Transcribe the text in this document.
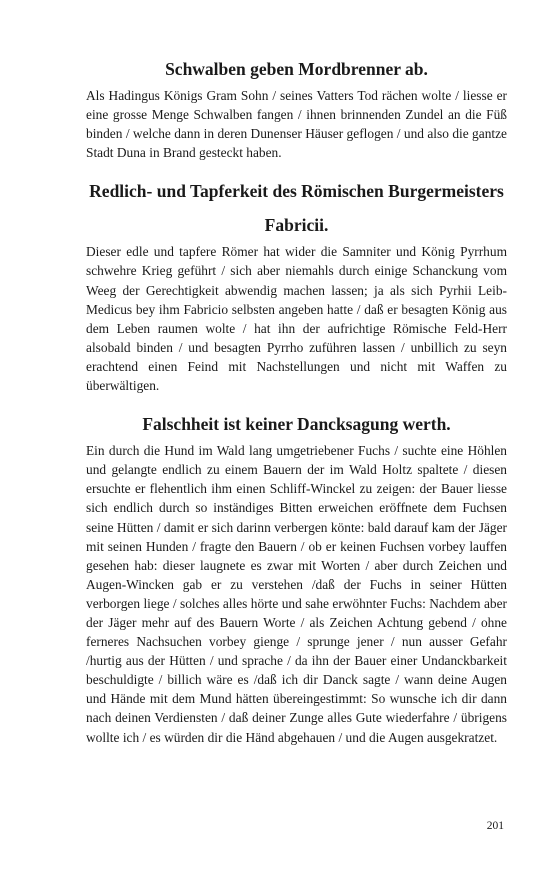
Schwalben geben Mordbrenner ab.

Als Hadingus Königs Gram Sohn / seines Vatters Tod rächen wolte / liesse er eine grosse Menge Schwalben fangen / ihnen brinnenden Zundel an die Füß binden / welche dann in deren Dunenser Häuser geflogen / und also die gantze Stadt Duna in Brand gesteckt haben.

Redlich- und Tapferkeit des Römischen Burgermeisters Fabricii.

Dieser edle und tapfere Römer hat wider die Samniter und König Pyrrhum schwehre Krieg geführt / sich aber niemahls durch einige Schanckung vom Weeg der Gerechtigkeit abwendig machen lassen; ja als sich Pyrhii Leib-Medicus bey ihm Fabricio selbsten angeben hatte / daß er besagten König aus dem Leben raumen wolte / hat ihn der aufrichtige Römische Feld-Herr alsobald binden / und besagten Pyrrho zuführen lassen / unbillich zu seyn erachtend einen Feind mit Nachstellungen und nicht mit Waffen zu überwältigen.

Falschheit ist keiner Dancksagung werth.

Ein durch die Hund im Wald lang umgetriebener Fuchs / suchte eine Höhlen und gelangte endlich zu einem Bauern der im Wald Holtz spaltete / diesen ersuchte er flehentlich ihm einen Schliff-Winckel zu zeigen: der Bauer liesse sich endlich durch so inständiges Bitten erweichen eröffnete dem Fuchsen seine Hütten / damit er sich darinn verbergen könte: bald darauf kam der Jäger mit seinen Hunden / fragte den Bauern / ob er keinen Fuchsen vorbey lauffen gesehen hab: dieser laugnete es zwar mit Worten / aber durch Zeichen und Augen-Wincken gab er zu verstehen /daß der Fuchs in seiner Hütten verborgen liege / solches alles hörte und sahe erwöhnter Fuchs: Nachdem aber der Jäger mehr auf des Bauern Worte / als Zeichen Achtung gebend / ohne ferneres Nachsuchen vorbey gienge / sprunge jener / nun ausser Gefahr /hurtig aus der Hütten / und sprache / da ihn der Bauer einer Undanckbarkeit beschuldigte / billich wäre es /daß ich dir Danck sagte / wann deine Augen und Hände mit dem Mund hätten übereingestimmt: So wunsche ich dir dann nach deinen Verdiensten / daß deiner Zunge alles Gute wiederfahre / übrigens wollte ich / es würden dir die Händ abgehauen / und die Augen ausgekratzet.

201
